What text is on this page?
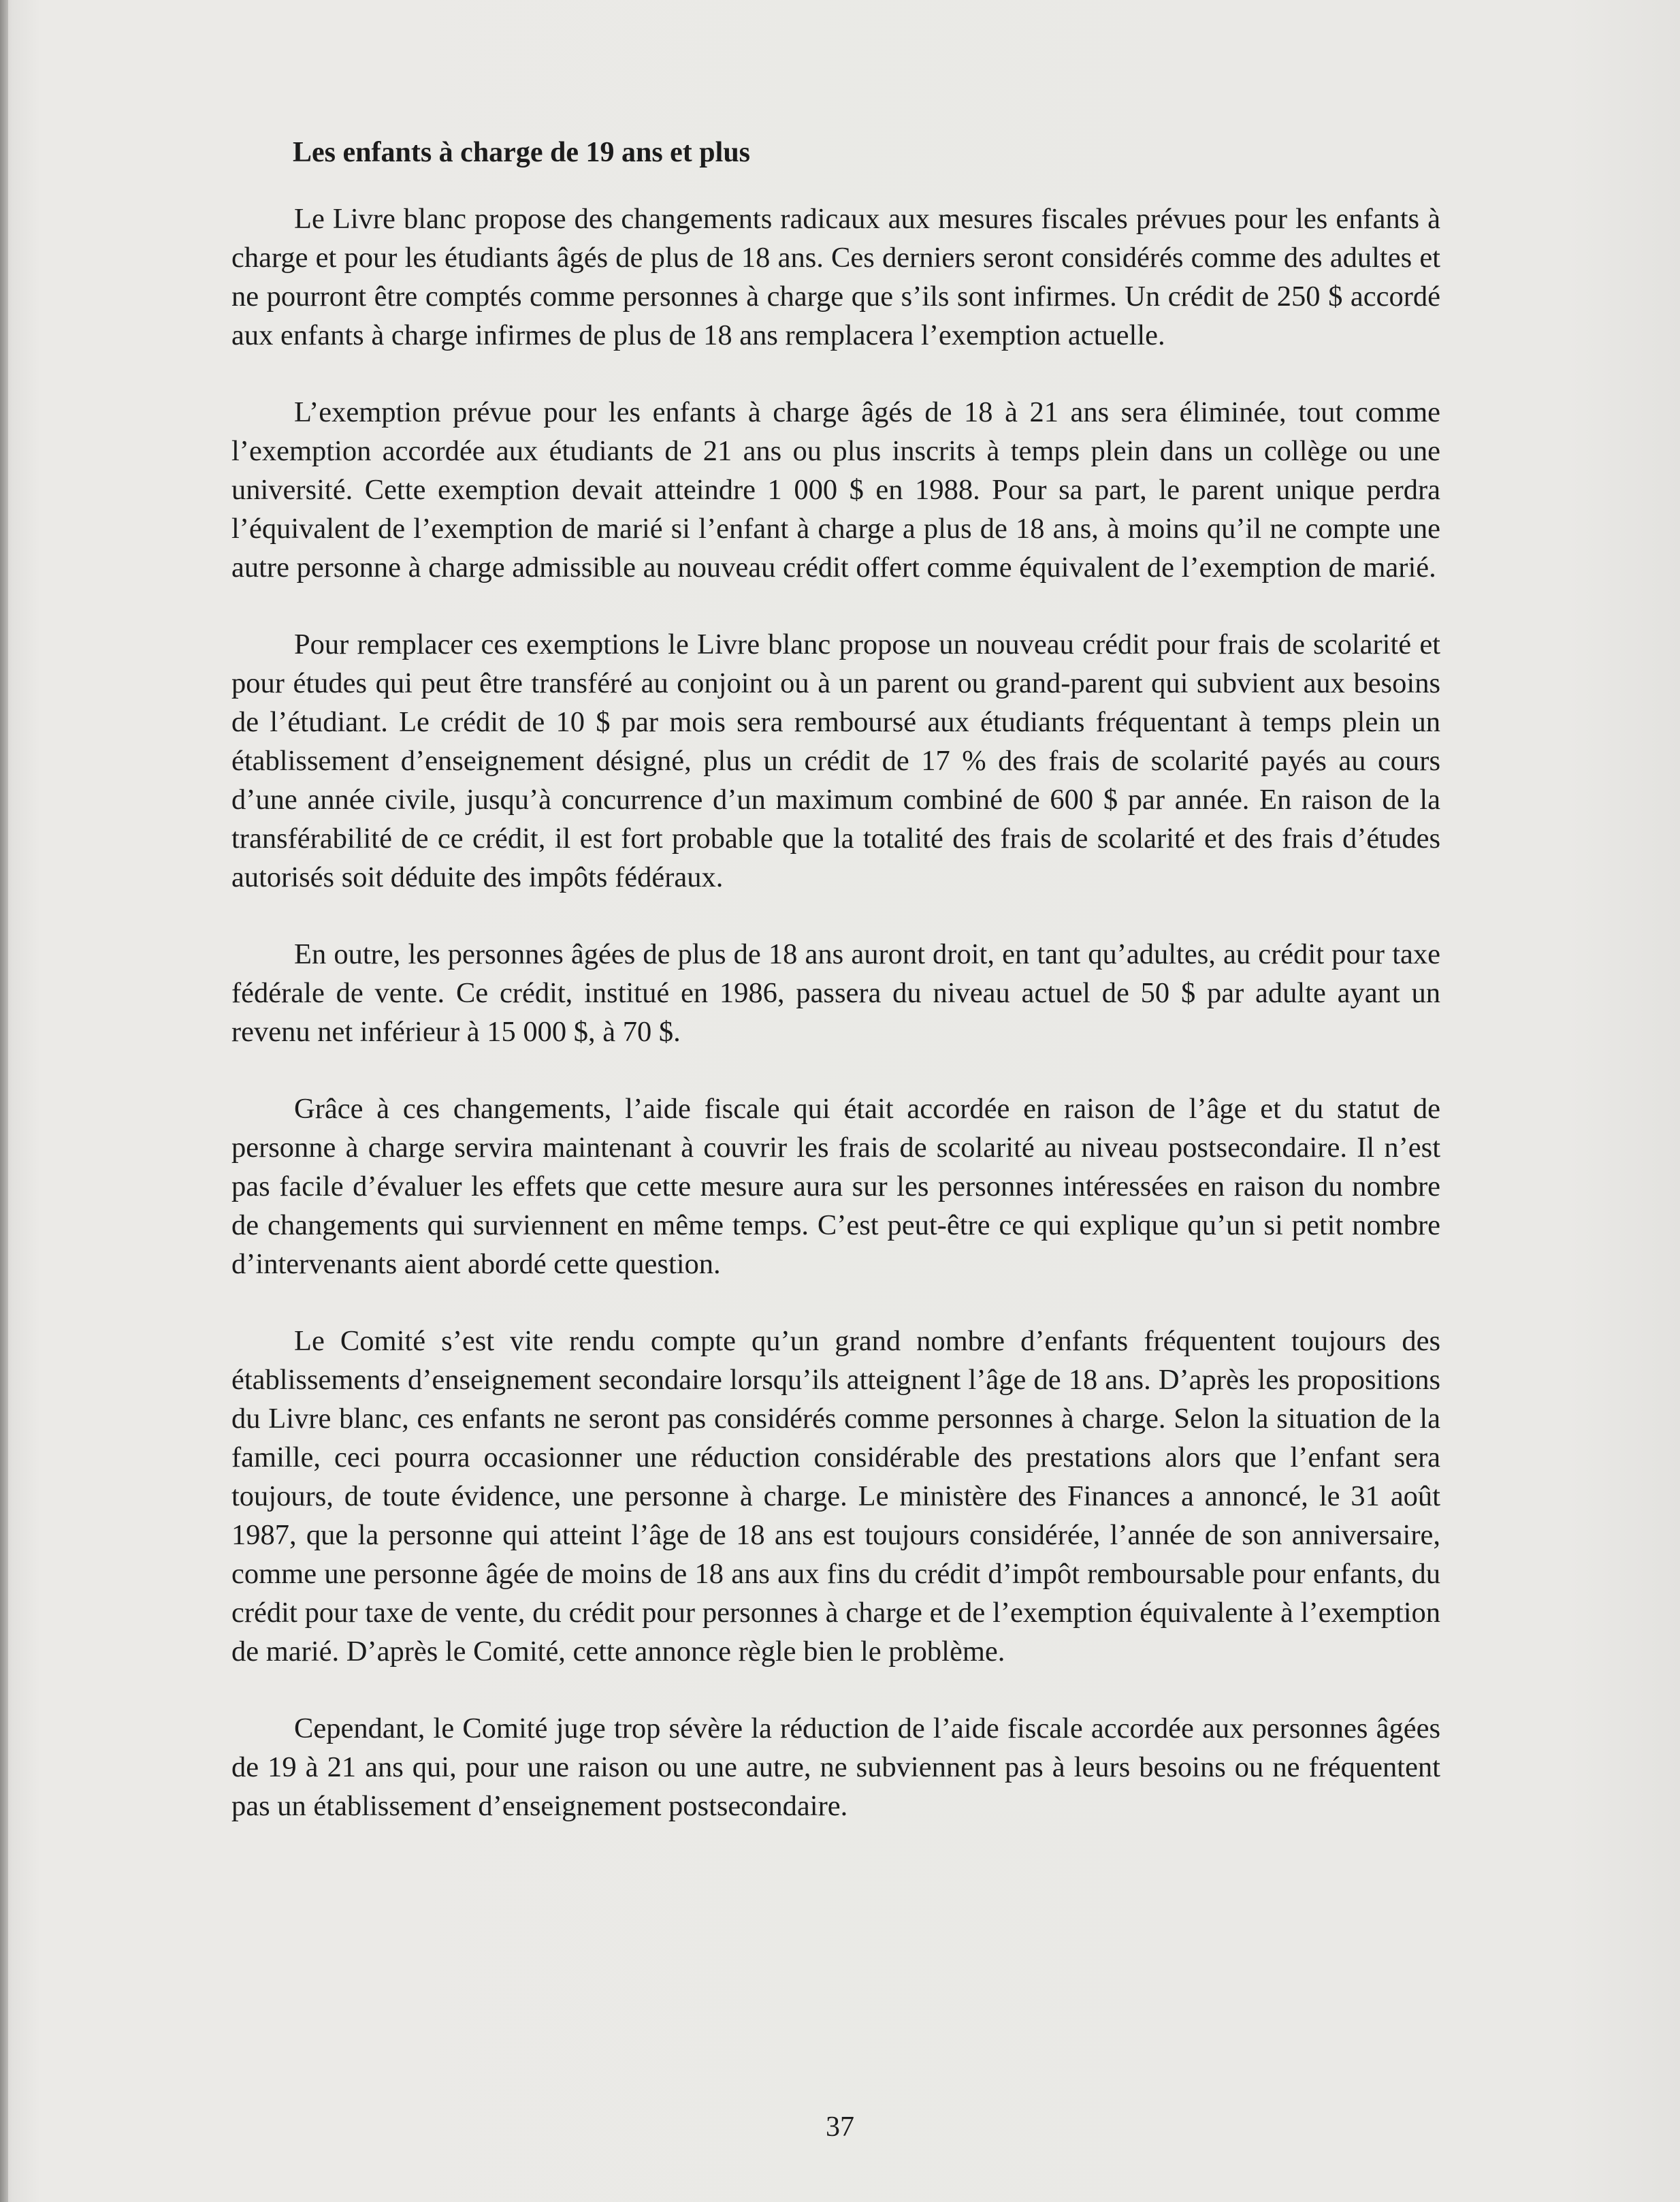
Les enfants à charge de 19 ans et plus

Le Livre blanc propose des changements radicaux aux mesures fiscales prévues pour les enfants à charge et pour les étudiants âgés de plus de 18 ans. Ces derniers seront considérés comme des adultes et ne pourront être comptés comme personnes à charge que s’ils sont infirmes. Un crédit de 250 $ accordé aux enfants à charge infirmes de plus de 18 ans remplacera l’exemption actuelle.

L’exemption prévue pour les enfants à charge âgés de 18 à 21 ans sera éliminée, tout comme l’exemption accordée aux étudiants de 21 ans ou plus inscrits à temps plein dans un collège ou une université. Cette exemption devait atteindre 1 000 $ en 1988. Pour sa part, le parent unique perdra l’équivalent de l’exemption de marié si l’enfant à charge a plus de 18 ans, à moins qu’il ne compte une autre personne à charge admissible au nouveau crédit offert comme équivalent de l’exemption de marié.

Pour remplacer ces exemptions le Livre blanc propose un nouveau crédit pour frais de scolarité et pour études qui peut être transféré au conjoint ou à un parent ou grand-parent qui subvient aux besoins de l’étudiant. Le crédit de 10 $ par mois sera remboursé aux étudiants fréquentant à temps plein un établissement d’enseignement désigné, plus un crédit de 17 % des frais de scolarité payés au cours d’une année civile, jusqu’à concurrence d’un maximum combiné de 600 $ par année. En raison de la transférabilité de ce crédit, il est fort probable que la totalité des frais de scolarité et des frais d’études autorisés soit déduite des impôts fédéraux.

En outre, les personnes âgées de plus de 18 ans auront droit, en tant qu’adultes, au crédit pour taxe fédérale de vente. Ce crédit, institué en 1986, passera du niveau actuel de 50 $ par adulte ayant un revenu net inférieur à 15 000 $, à 70 $.

Grâce à ces changements, l’aide fiscale qui était accordée en raison de l’âge et du statut de personne à charge servira maintenant à couvrir les frais de scolarité au niveau postsecondaire. Il n’est pas facile d’évaluer les effets que cette mesure aura sur les personnes intéressées en raison du nombre de changements qui surviennent en même temps. C’est peut-être ce qui explique qu’un si petit nombre d’intervenants aient abordé cette question.

Le Comité s’est vite rendu compte qu’un grand nombre d’enfants fréquentent toujours des établissements d’enseignement secondaire lorsqu’ils atteignent l’âge de 18 ans. D’après les propositions du Livre blanc, ces enfants ne seront pas considérés comme personnes à charge. Selon la situation de la famille, ceci pourra occasionner une réduction considérable des prestations alors que l’enfant sera toujours, de toute évidence, une personne à charge. Le ministère des Finances a annoncé, le 31 août 1987, que la personne qui atteint l’âge de 18 ans est toujours considérée, l’année de son anniversaire, comme une personne âgée de moins de 18 ans aux fins du crédit d’impôt remboursable pour enfants, du crédit pour taxe de vente, du crédit pour personnes à charge et de l’exemption équivalente à l’exemption de marié. D’après le Comité, cette annonce règle bien le problème.

Cependant, le Comité juge trop sévère la réduction de l’aide fiscale accordée aux personnes âgées de 19 à 21 ans qui, pour une raison ou une autre, ne subviennent pas à leurs besoins ou ne fréquentent pas un établissement d’enseignement postsecondaire.

37
